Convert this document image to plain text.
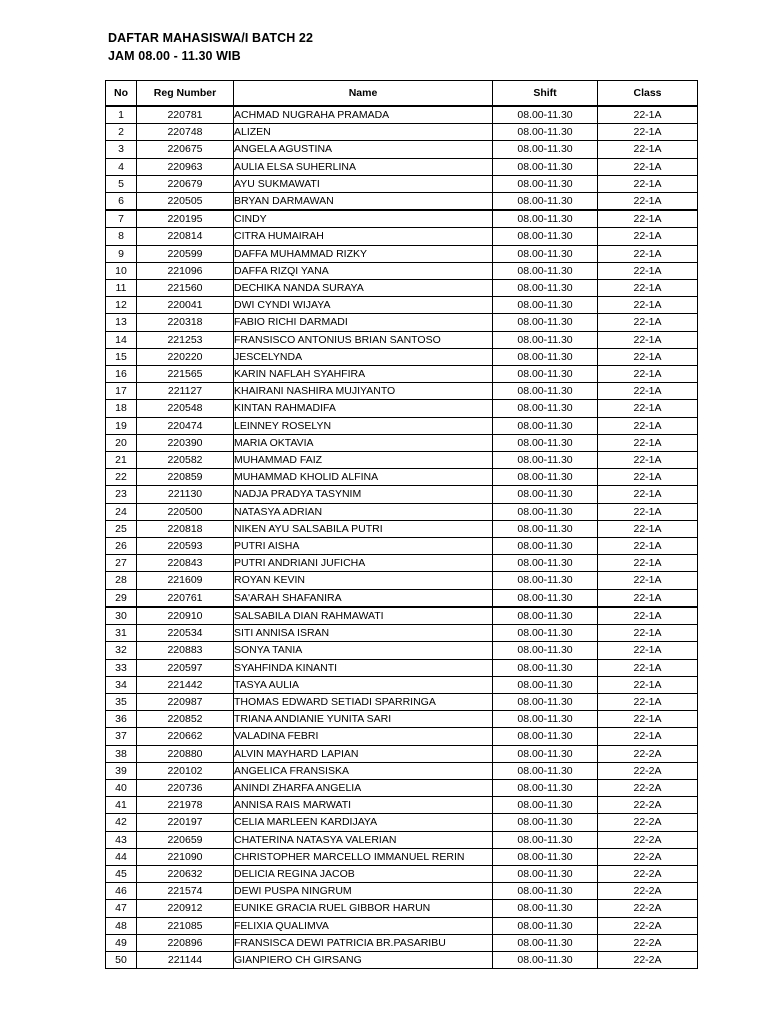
DAFTAR MAHASISWA/I BATCH 22
JAM 08.00 - 11.30 WIB
No	Reg Number	Name	Shift	Class
1	220781	ACHMAD NUGRAHA PRAMADA	08.00-11.30	22-1A
2	220748	ALIZEN	08.00-11.30	22-1A
3	220675	ANGELA AGUSTINA	08.00-11.30	22-1A
4	220963	AULIA ELSA SUHERLINA	08.00-11.30	22-1A
5	220679	AYU SUKMAWATI	08.00-11.30	22-1A
6	220505	BRYAN DARMAWAN	08.00-11.30	22-1A
7	220195	CINDY	08.00-11.30	22-1A
8	220814	CITRA HUMAIRAH	08.00-11.30	22-1A
9	220599	DAFFA MUHAMMAD RIZKY	08.00-11.30	22-1A
10	221096	DAFFA RIZQI YANA	08.00-11.30	22-1A
11	221560	DECHIKA NANDA SURAYA	08.00-11.30	22-1A
12	220041	DWI CYNDI WIJAYA	08.00-11.30	22-1A
13	220318	FABIO RICHI DARMADI	08.00-11.30	22-1A
14	221253	FRANSISCO ANTONIUS BRIAN SANTOSO	08.00-11.30	22-1A
15	220220	JESCELYNDA	08.00-11.30	22-1A
16	221565	KARIN NAFLAH SYAHFIRA	08.00-11.30	22-1A
17	221127	KHAIRANI NASHIRA MUJIYANTO	08.00-11.30	22-1A
18	220548	KINTAN RAHMADIFA	08.00-11.30	22-1A
19	220474	LEINNEY ROSELYN	08.00-11.30	22-1A
20	220390	MARIA OKTAVIA	08.00-11.30	22-1A
21	220582	MUHAMMAD FAIZ	08.00-11.30	22-1A
22	220859	MUHAMMAD KHOLID ALFINA	08.00-11.30	22-1A
23	221130	NADJA PRADYA TASYNIM	08.00-11.30	22-1A
24	220500	NATASYA ADRIAN	08.00-11.30	22-1A
25	220818	NIKEN AYU SALSABILA PUTRI	08.00-11.30	22-1A
26	220593	PUTRI AISHA	08.00-11.30	22-1A
27	220843	PUTRI ANDRIANI JUFICHA	08.00-11.30	22-1A
28	221609	ROYAN KEVIN	08.00-11.30	22-1A
29	220761	SA'ARAH SHAFANIRA	08.00-11.30	22-1A
30	220910	SALSABILA DIAN RAHMAWATI	08.00-11.30	22-1A
31	220534	SITI ANNISA ISRAN	08.00-11.30	22-1A
32	220883	SONYA TANIA	08.00-11.30	22-1A
33	220597	SYAHFINDA KINANTI	08.00-11.30	22-1A
34	221442	TASYA AULIA	08.00-11.30	22-1A
35	220987	THOMAS EDWARD SETIADI SPARRINGA	08.00-11.30	22-1A
36	220852	TRIANA ANDIANIE YUNITA SARI	08.00-11.30	22-1A
37	220662	VALADINA FEBRI	08.00-11.30	22-1A
38	220880	ALVIN MAYHARD LAPIAN	08.00-11.30	22-2A
39	220102	ANGELICA FRANSISKA	08.00-11.30	22-2A
40	220736	ANINDI ZHARFA ANGELIA	08.00-11.30	22-2A
41	221978	ANNISA RAIS MARWATI	08.00-11.30	22-2A
42	220197	CELIA MARLEEN KARDIJAYA	08.00-11.30	22-2A
43	220659	CHATERINA NATASYA VALERIAN	08.00-11.30	22-2A
44	221090	CHRISTOPHER MARCELLO IMMANUEL RERIN	08.00-11.30	22-2A
45	220632	DELICIA REGINA JACOB	08.00-11.30	22-2A
46	221574	DEWI PUSPA NINGRUM	08.00-11.30	22-2A
47	220912	EUNIKE GRACIA RUEL GIBBOR HARUN	08.00-11.30	22-2A
48	221085	FELIXIA QUALIMVA	08.00-11.30	22-2A
49	220896	FRANSISCA DEWI PATRICIA BR.PASARIBU	08.00-11.30	22-2A
50	221144	GIANPIERO CH GIRSANG	08.00-11.30	22-2A
